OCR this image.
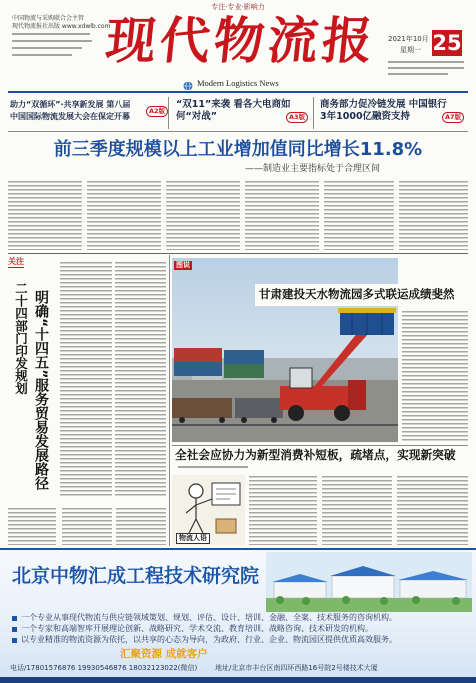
专注·专业·影响力
中国物流与采购联合会主管
现代物流报社出版 www.xdwlb.com
现代物流报 2021年10月 25
星期一
Modern Logistics News
助力“双循环”·共享新发展 第八届
中国国际物流发展大会在保定开幕
A2版
“双11”来袭 看各大电商如
何“对战”	A3版
商务部力促冷链发展 中国银行
3年1000亿融资支持	A7版
前三季度规模以上工业增加值同比增长11.8%
——制造业主要指标处于合理区间
关注
二十四部门印发规划 明确“十四五”服务贸易发展路径
图说
甘肃建投天水物流园多式联运成绩斐然
全社会应协力为新型消费补短板，疏堵点，实现新突破
物流人语
北京中物汇成工程技术研究院
一个专业从事现代物流与供应链领域策划、规划、评估、设计、培训、金融、全案、技术服务的咨询机构。
一个专家和高端智库开展理论创新、战略研究、学术交流、教育培训、战略咨询、技术研发的机构。
以专业精准的物流资源为依托，以共享的心态为导向，为政府、行业、企业、物流园区提供优质高效服务。
汇聚资源 成就客户
电话/17801576876 19930546876 18032123022(微信)	地址/北京市丰台区南四环西路16号院2号楼技术大厦
